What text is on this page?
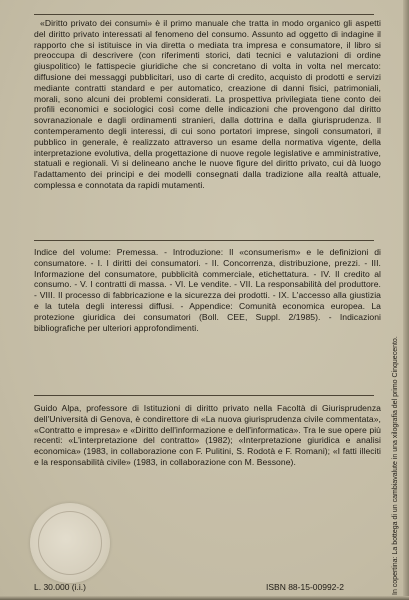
«Diritto privato dei consumi» è il primo manuale che tratta in modo organico gli aspetti del diritto privato interessati al fenomeno del consumo. Assunto ad oggetto di indagine il rapporto che si istituisce in via diretta o mediata tra impresa e consumatore, il libro si preoccupa di descrivere (con riferimenti storici, dati tecnici e valutazioni di ordine giuspolitico) le fattispecie giuridiche che si concretano di volta in volta nel mercato: diffusione dei messaggi pubblicitari, uso di carte di credito, acquisto di prodotti e servizi mediante contratti standard e per automatico, creazione di danni fisici, patrimoniali, morali, sono alcuni dei problemi considerati. La prospettiva privilegiata tiene conto dei profili economici e sociologici così come delle indicazioni che provengono dal diritto sovranazionale e dagli ordinamenti stranieri, dalla dottrina e dalla giurisprudenza. Il contemperamento degli interessi, di cui sono portatori imprese, singoli consumatori, il pubblico in generale, è realizzato attraverso un esame della normativa vigente, della interpretazione evolutiva, della progettazione di nuove regole legislative e amministrative, statuali e regionali. Vi si delineano anche le nuove figure del diritto privato, cui dà luogo l'adattamento dei principi e dei modelli consegnati dalla tradizione alla realtà attuale, complessa e connotata da rapidi mutamenti.
Indice del volume: Premessa. - Introduzione: Il «consumerism» e le definizioni di consumatore. - I. I diritti dei consumatori. - II. Concorrenza, distribuzione, prezzi. - III. Informazione del consumatore, pubblicità commerciale, etichettatura. - IV. Il credito al consumo. - V. I contratti di massa. - VI. Le vendite. - VII. La responsabilità del produttore. - VIII. Il processo di fabbricazione e la sicurezza dei prodotti. - IX. L'accesso alla giustizia e la tutela degli interessi diffusi. - Appendice: Comunità economica europea. La protezione giuridica dei consumatori (Boll. CEE, Suppl. 2/1985). - Indicazioni bibliografiche per ulteriori approfondimenti.
Guido Alpa, professore di Istituzioni di diritto privato nella Facoltà di Giurisprudenza dell'Università di Genova, è condirettore di «La nuova giurisprudenza civile commentata», «Contratto e impresa» e «Diritto dell'informazione e dell'informatica». Tra le sue opere più recenti: «L'interpretazione del contratto» (1982); «Interpretazione giuridica e analisi economica» (1983, in collaborazione con F. Pulitini, S. Rodotà e F. Romani); «I fatti illeciti e la responsabilità civile» (1983, in collaborazione con M. Bessone).	In copertina: La bottega di un cambiavalute in una xilografia del primo Cinquecento.
L. 30.000 (i.i.)	ISBN 88-15-00992-2
